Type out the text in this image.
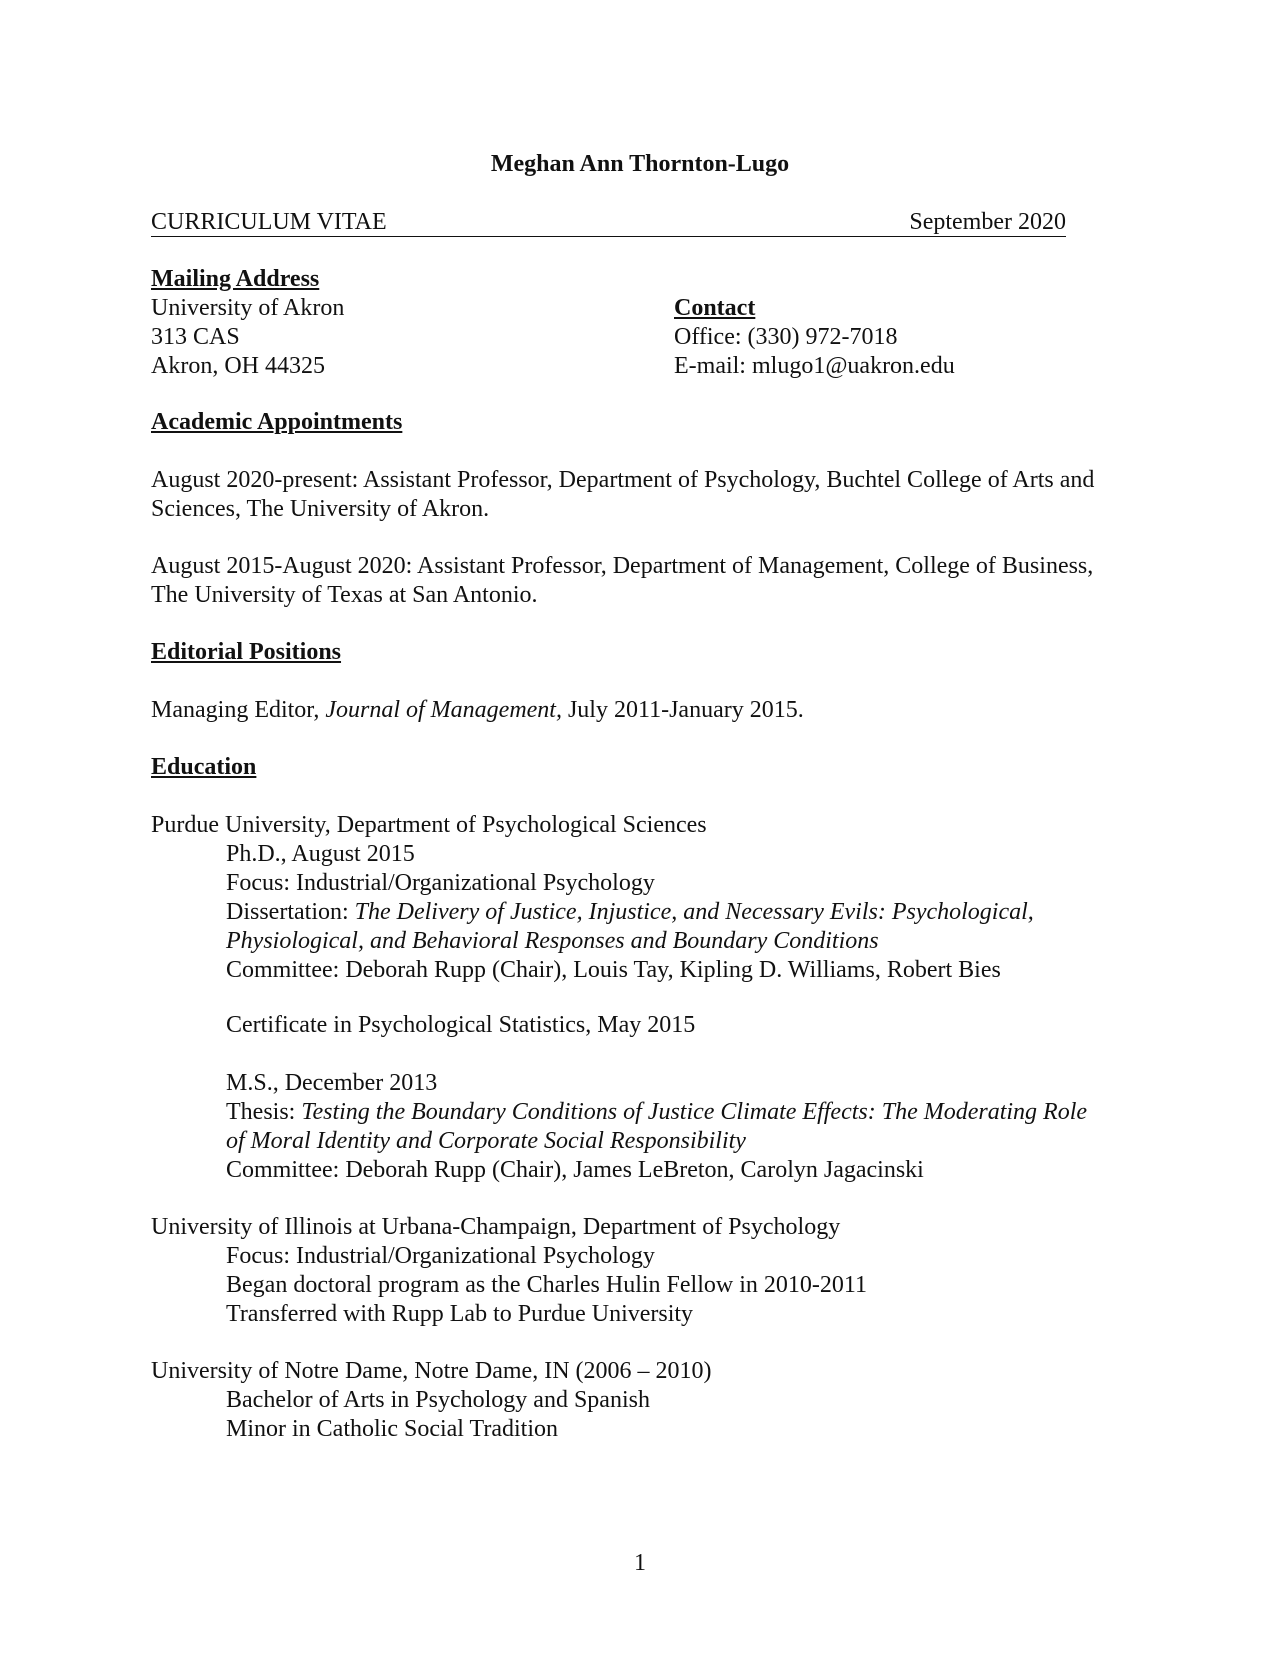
Meghan Ann Thornton-Lugo
CURRICULUM VITAE	September 2020
Mailing Address
University of Akron
313 CAS
Akron, OH 44325
Contact
Office: (330) 972-7018
E-mail: mlugo1@uakron.edu
Academic Appointments
August 2020-present: Assistant Professor, Department of Psychology, Buchtel College of Arts and Sciences, The University of Akron.
August 2015-August 2020: Assistant Professor, Department of Management, College of Business, The University of Texas at San Antonio.
Editorial Positions
Managing Editor, Journal of Management, July 2011-January 2015.
Education
Purdue University, Department of Psychological Sciences
Ph.D., August 2015
Focus: Industrial/Organizational Psychology
Dissertation: The Delivery of Justice, Injustice, and Necessary Evils: Psychological, Physiological, and Behavioral Responses and Boundary Conditions
Committee: Deborah Rupp (Chair), Louis Tay, Kipling D. Williams, Robert Bies
Certificate in Psychological Statistics, May 2015
M.S., December 2013
Thesis: Testing the Boundary Conditions of Justice Climate Effects: The Moderating Role of Moral Identity and Corporate Social Responsibility
Committee: Deborah Rupp (Chair), James LeBreton, Carolyn Jagacinski
University of Illinois at Urbana-Champaign, Department of Psychology
Focus: Industrial/Organizational Psychology
Began doctoral program as the Charles Hulin Fellow in 2010-2011
Transferred with Rupp Lab to Purdue University
University of Notre Dame, Notre Dame, IN (2006 – 2010)
Bachelor of Arts in Psychology and Spanish
Minor in Catholic Social Tradition
1
